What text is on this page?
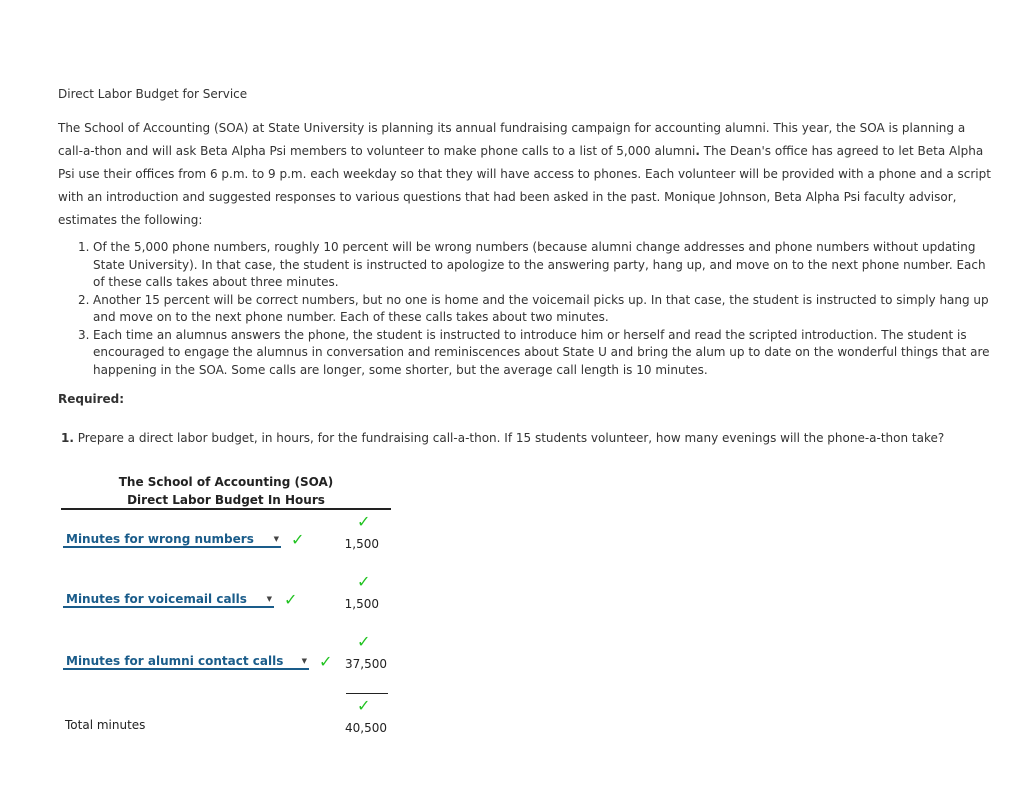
Direct Labor Budget for Service
The School of Accounting (SOA) at State University is planning its annual fundraising campaign for accounting alumni. This year, the SOA is planning a call-a-thon and will ask Beta Alpha Psi members to volunteer to make phone calls to a list of 5,000 alumni. The Dean's office has agreed to let Beta Alpha Psi use their offices from 6 p.m. to 9 p.m. each weekday so that they will have access to phones. Each volunteer will be provided with a phone and a script with an introduction and suggested responses to various questions that had been asked in the past. Monique Johnson, Beta Alpha Psi faculty advisor, estimates the following:
1. Of the 5,000 phone numbers, roughly 10 percent will be wrong numbers (because alumni change addresses and phone numbers without updating State University). In that case, the student is instructed to apologize to the answering party, hang up, and move on to the next phone number. Each of these calls takes about three minutes.
2. Another 15 percent will be correct numbers, but no one is home and the voicemail picks up. In that case, the student is instructed to simply hang up and move on to the next phone number. Each of these calls takes about two minutes.
3. Each time an alumnus answers the phone, the student is instructed to introduce him or herself and read the scripted introduction. The student is encouraged to engage the alumnus in conversation and reminiscences about State U and bring the alum up to date on the wonderful things that are happening in the SOA. Some calls are longer, some shorter, but the average call length is 10 minutes.
Required:
1. Prepare a direct labor budget, in hours, for the fundraising call-a-thon. If 15 students volunteer, how many evenings will the phone-a-thon take?
The School of Accounting (SOA)
Direct Labor Budget In Hours
✓
Minutes for wrong numbers	▼ ✓	1,500
✓
Minutes for voicemail calls	▼ ✓	1,500
✓
Minutes for alumni contact calls	▼ ✓ 37,500
✓
Total minutes	40,500
